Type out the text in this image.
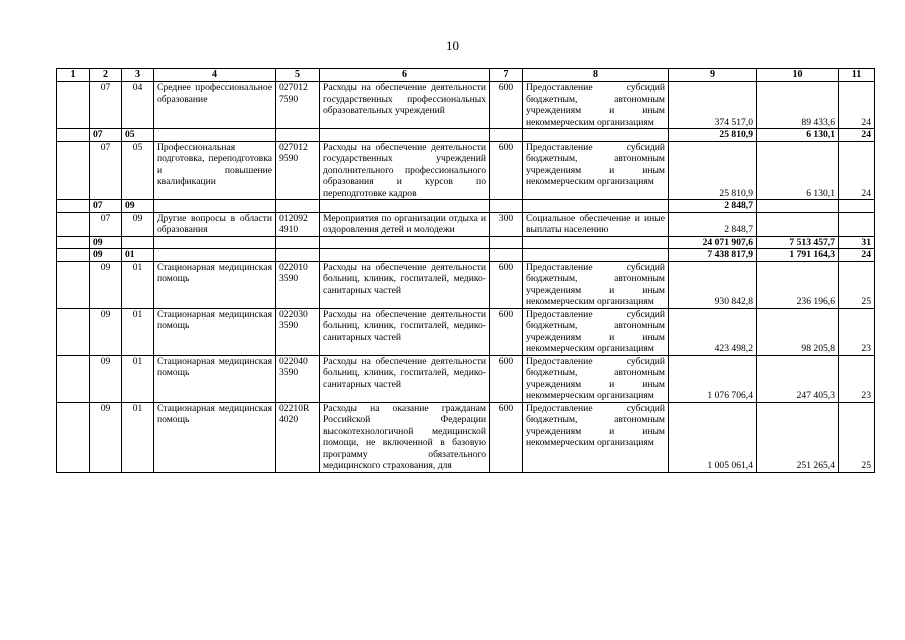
10
1	2	3	4	5	6	7	8	9	10	11
	07	04	Среднее профессиональное образование	027012 7590	Расходы на обеспечение деятельности государственных профессиональных образовательных учреждений	600	Предоставление субсидий бюджетным, автономным учреждениям и иным некоммерческим организациям	374 517,0	89 433,6	24
	07	05						25 810,9	6 130,1	24
	07	05	Профессиональная подготовка, переподготовка и повышение квалификации	027012 9590	Расходы на обеспечение деятельности государственных учреждений дополнительного профессионального образования и курсов по переподготовке кадров	600	Предоставление субсидий бюджетным, автономным учреждениям и иным некоммерческим организациям	25 810,9	6 130,1	24
	07	09						2 848,7		
	07	09	Другие вопросы в области образования	012092 4910	Мероприятия по организации отдыха и оздоровления детей и молодежи	300	Социальное обеспечение и иные выплаты населению	2 848,7		
	09							24 071 907,6	7 513 457,7	31
	09	01						7 438 817,9	1 791 164,3	24
	09	01	Стационарная медицинская помощь	022010 3590	Расходы на обеспечение деятельности больниц, клиник, госпиталей, медико-санитарных частей	600	Предоставление субсидий бюджетным, автономным учреждениям и иным некоммерческим организациям	930 842,8	236 196,6	25
	09	01	Стационарная медицинская помощь	022030 3590	Расходы на обеспечение деятельности больниц, клиник, госпиталей, медико-санитарных частей	600	Предоставление субсидий бюджетным, автономным учреждениям и иным некоммерческим организациям	423 498,2	98 205,8	23
	09	01	Стационарная медицинская помощь	022040 3590	Расходы на обеспечение деятельности больниц, клиник, госпиталей, медико-санитарных частей	600	Предоставление субсидий бюджетным, автономным учреждениям и иным некоммерческим организациям	1 076 706,4	247 405,3	23
	09	01	Стационарная медицинская помощь	02210R 4020	Расходы на оказание гражданам Российской Федерации высокотехнологичной медицинской помощи, не включенной в базовую программу обязательного медицинского страхования, для	600	Предоставление субсидий бюджетным, автономным учреждениям и иным некоммерческим организациям	1 005 061,4	251 265,4	25
